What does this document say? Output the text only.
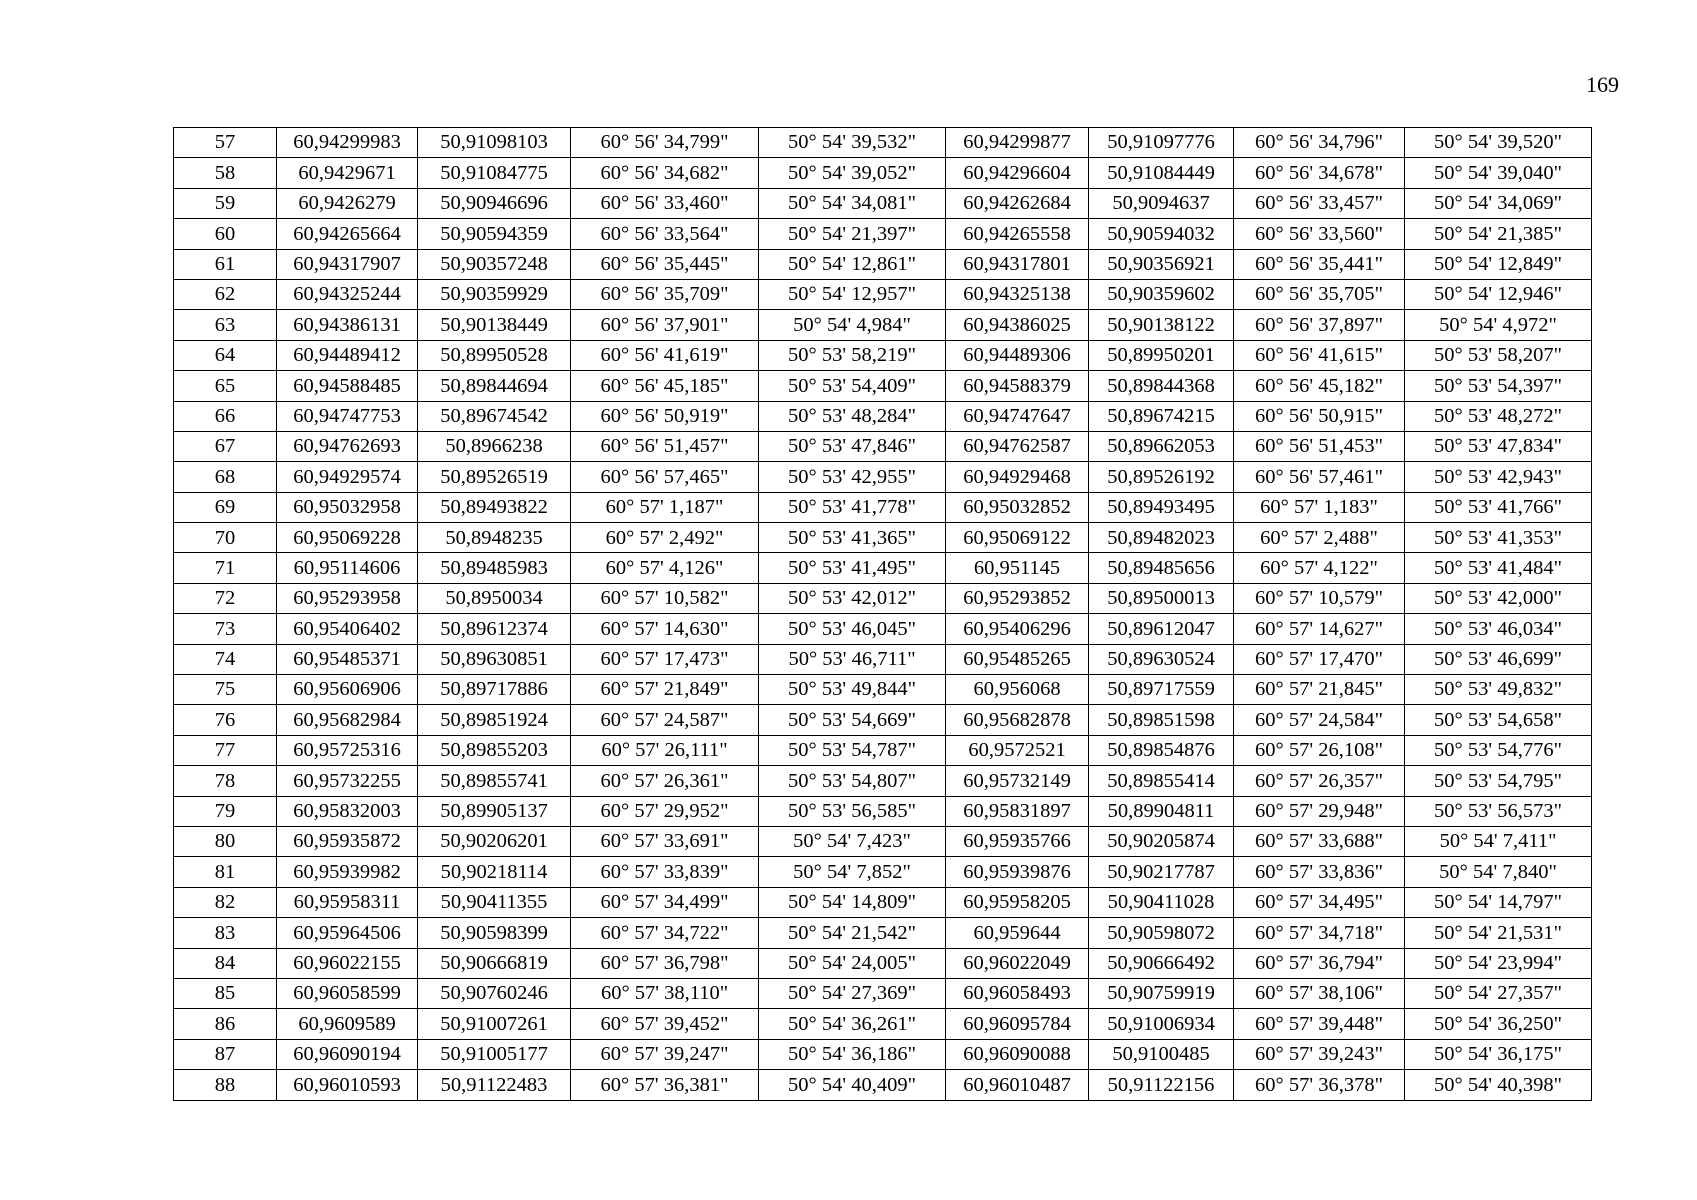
169
57	60,94299983	50,91098103	60° 56' 34,799"	50° 54' 39,532"	60,94299877	50,91097776	60° 56' 34,796"	50° 54' 39,520"
58	60,9429671	50,91084775	60° 56' 34,682"	50° 54' 39,052"	60,94296604	50,91084449	60° 56' 34,678"	50° 54' 39,040"
59	60,9426279	50,90946696	60° 56' 33,460"	50° 54' 34,081"	60,94262684	50,9094637	60° 56' 33,457"	50° 54' 34,069"
60	60,94265664	50,90594359	60° 56' 33,564"	50° 54' 21,397"	60,94265558	50,90594032	60° 56' 33,560"	50° 54' 21,385"
61	60,94317907	50,90357248	60° 56' 35,445"	50° 54' 12,861"	60,94317801	50,90356921	60° 56' 35,441"	50° 54' 12,849"
62	60,94325244	50,90359929	60° 56' 35,709"	50° 54' 12,957"	60,94325138	50,90359602	60° 56' 35,705"	50° 54' 12,946"
63	60,94386131	50,90138449	60° 56' 37,901"	50° 54' 4,984"	60,94386025	50,90138122	60° 56' 37,897"	50° 54' 4,972"
64	60,94489412	50,89950528	60° 56' 41,619"	50° 53' 58,219"	60,94489306	50,89950201	60° 56' 41,615"	50° 53' 58,207"
65	60,94588485	50,89844694	60° 56' 45,185"	50° 53' 54,409"	60,94588379	50,89844368	60° 56' 45,182"	50° 53' 54,397"
66	60,94747753	50,89674542	60° 56' 50,919"	50° 53' 48,284"	60,94747647	50,89674215	60° 56' 50,915"	50° 53' 48,272"
67	60,94762693	50,8966238	60° 56' 51,457"	50° 53' 47,846"	60,94762587	50,89662053	60° 56' 51,453"	50° 53' 47,834"
68	60,94929574	50,89526519	60° 56' 57,465"	50° 53' 42,955"	60,94929468	50,89526192	60° 56' 57,461"	50° 53' 42,943"
69	60,95032958	50,89493822	60° 57' 1,187"	50° 53' 41,778"	60,95032852	50,89493495	60° 57' 1,183"	50° 53' 41,766"
70	60,95069228	50,8948235	60° 57' 2,492"	50° 53' 41,365"	60,95069122	50,89482023	60° 57' 2,488"	50° 53' 41,353"
71	60,95114606	50,89485983	60° 57' 4,126"	50° 53' 41,495"	60,951145	50,89485656	60° 57' 4,122"	50° 53' 41,484"
72	60,95293958	50,8950034	60° 57' 10,582"	50° 53' 42,012"	60,95293852	50,89500013	60° 57' 10,579"	50° 53' 42,000"
73	60,95406402	50,89612374	60° 57' 14,630"	50° 53' 46,045"	60,95406296	50,89612047	60° 57' 14,627"	50° 53' 46,034"
74	60,95485371	50,89630851	60° 57' 17,473"	50° 53' 46,711"	60,95485265	50,89630524	60° 57' 17,470"	50° 53' 46,699"
75	60,95606906	50,89717886	60° 57' 21,849"	50° 53' 49,844"	60,956068	50,89717559	60° 57' 21,845"	50° 53' 49,832"
76	60,95682984	50,89851924	60° 57' 24,587"	50° 53' 54,669"	60,95682878	50,89851598	60° 57' 24,584"	50° 53' 54,658"
77	60,95725316	50,89855203	60° 57' 26,111"	50° 53' 54,787"	60,9572521	50,89854876	60° 57' 26,108"	50° 53' 54,776"
78	60,95732255	50,89855741	60° 57' 26,361"	50° 53' 54,807"	60,95732149	50,89855414	60° 57' 26,357"	50° 53' 54,795"
79	60,95832003	50,89905137	60° 57' 29,952"	50° 53' 56,585"	60,95831897	50,89904811	60° 57' 29,948"	50° 53' 56,573"
80	60,95935872	50,90206201	60° 57' 33,691"	50° 54' 7,423"	60,95935766	50,90205874	60° 57' 33,688"	50° 54' 7,411"
81	60,95939982	50,90218114	60° 57' 33,839"	50° 54' 7,852"	60,95939876	50,90217787	60° 57' 33,836"	50° 54' 7,840"
82	60,95958311	50,90411355	60° 57' 34,499"	50° 54' 14,809"	60,95958205	50,90411028	60° 57' 34,495"	50° 54' 14,797"
83	60,95964506	50,90598399	60° 57' 34,722"	50° 54' 21,542"	60,959644	50,90598072	60° 57' 34,718"	50° 54' 21,531"
84	60,96022155	50,90666819	60° 57' 36,798"	50° 54' 24,005"	60,96022049	50,90666492	60° 57' 36,794"	50° 54' 23,994"
85	60,96058599	50,90760246	60° 57' 38,110"	50° 54' 27,369"	60,96058493	50,90759919	60° 57' 38,106"	50° 54' 27,357"
86	60,9609589	50,91007261	60° 57' 39,452"	50° 54' 36,261"	60,96095784	50,91006934	60° 57' 39,448"	50° 54' 36,250"
87	60,96090194	50,91005177	60° 57' 39,247"	50° 54' 36,186"	60,96090088	50,9100485	60° 57' 39,243"	50° 54' 36,175"
88	60,96010593	50,91122483	60° 57' 36,381"	50° 54' 40,409"	60,96010487	50,91122156	60° 57' 36,378"	50° 54' 40,398"
